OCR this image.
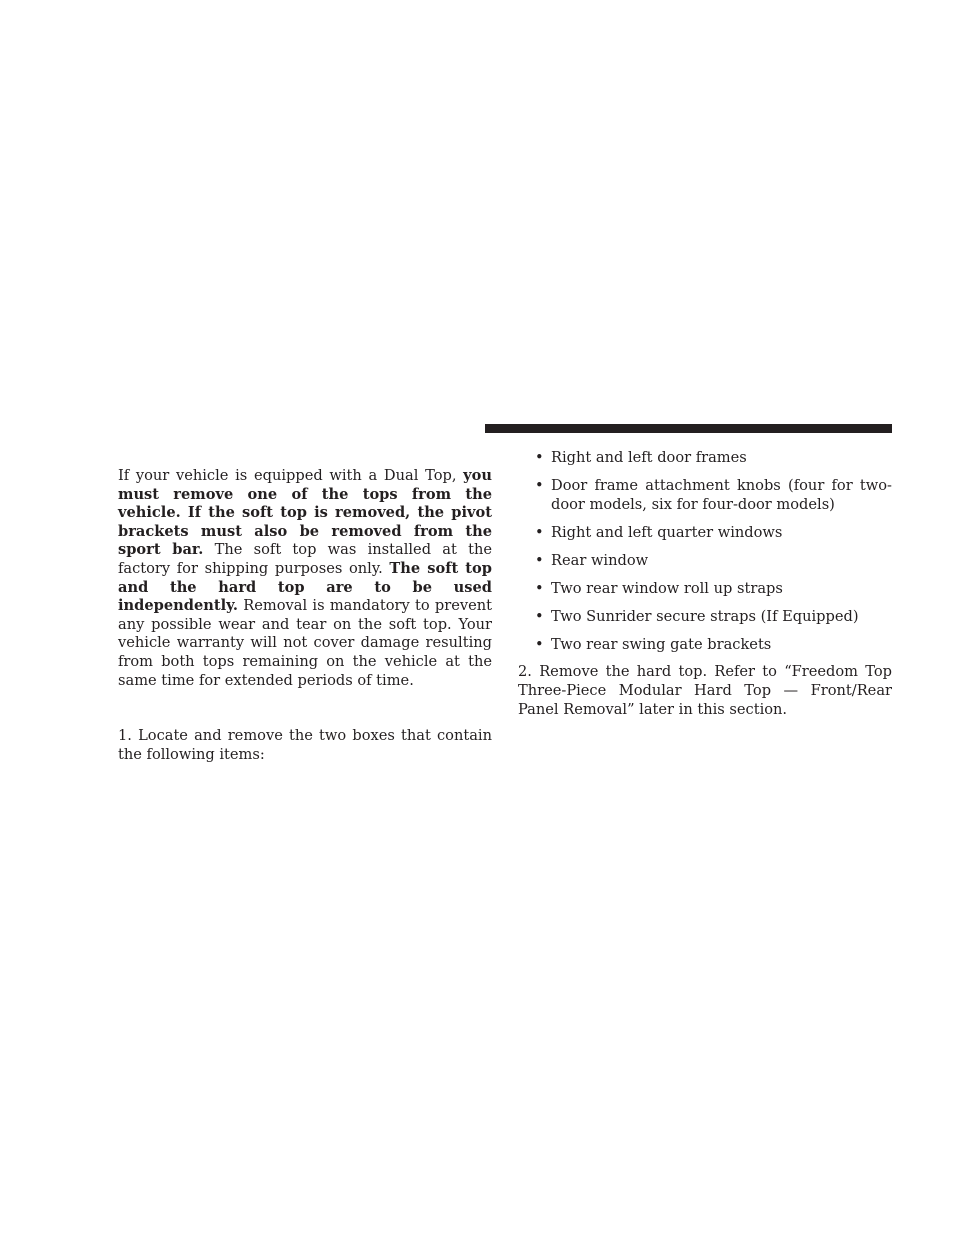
If your vehicle is equipped with a Dual Top, you must remove one of the tops from the vehicle. If the soft top is removed, the pivot brackets must also be removed from the sport bar. The soft top was installed at the factory for shipping purposes only. The soft top and the hard top are to be used independently. Removal is mandatory to prevent any possible wear and tear on the soft top. Your vehicle warranty will not cover damage resulting from both tops remaining on the vehicle at the same time for extended periods of time.

1. Locate and remove the two boxes that contain the following items:

• Right and left door frames
• Door frame attachment knobs (four for two-door models, six for four-door models)
• Right and left quarter windows
• Rear window
• Two rear window roll up straps
• Two Sunrider secure straps (If Equipped)
• Two rear swing gate brackets

2. Remove the hard top. Refer to “Freedom Top Three-Piece Modular Hard Top — Front/Rear Panel Removal” later in this section.
